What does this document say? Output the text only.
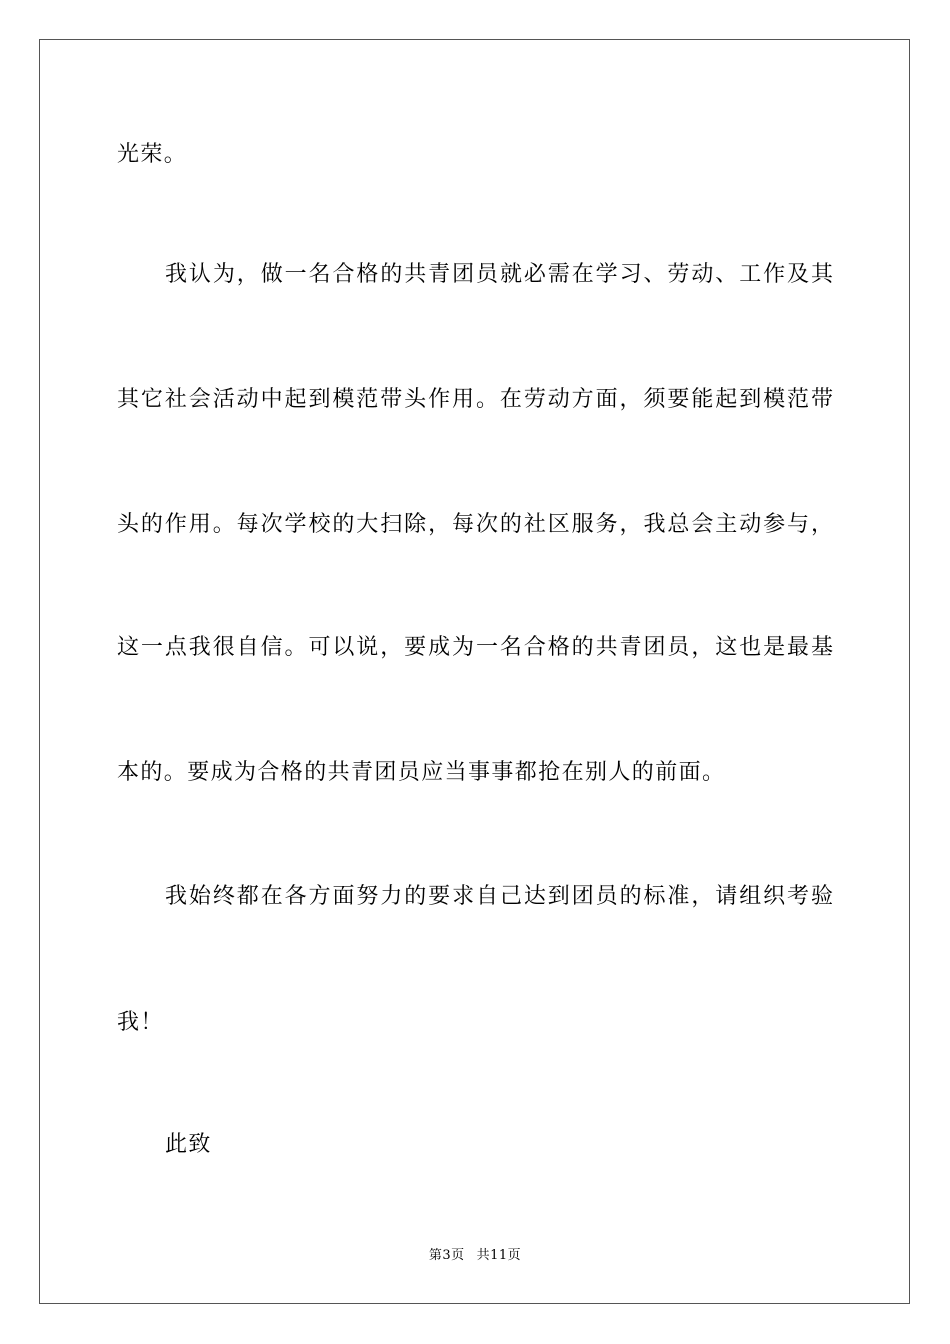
光荣。
我认为，做一名合格的共青团员就必需在学习、劳动、工作及其
其它社会活动中起到模范带头作用。在劳动方面，须要能起到模范带
头的作用。每次学校的大扫除，每次的社区服务，我总会主动参与，
这一点我很自信。可以说，要成为一名合格的共青团员，这也是最基
本的。要成为合格的共青团员应当事事都抢在别人的前面。
我始终都在各方面努力的要求自己达到团员的标准，请组织考验
我！
此致
第3页 共11页
